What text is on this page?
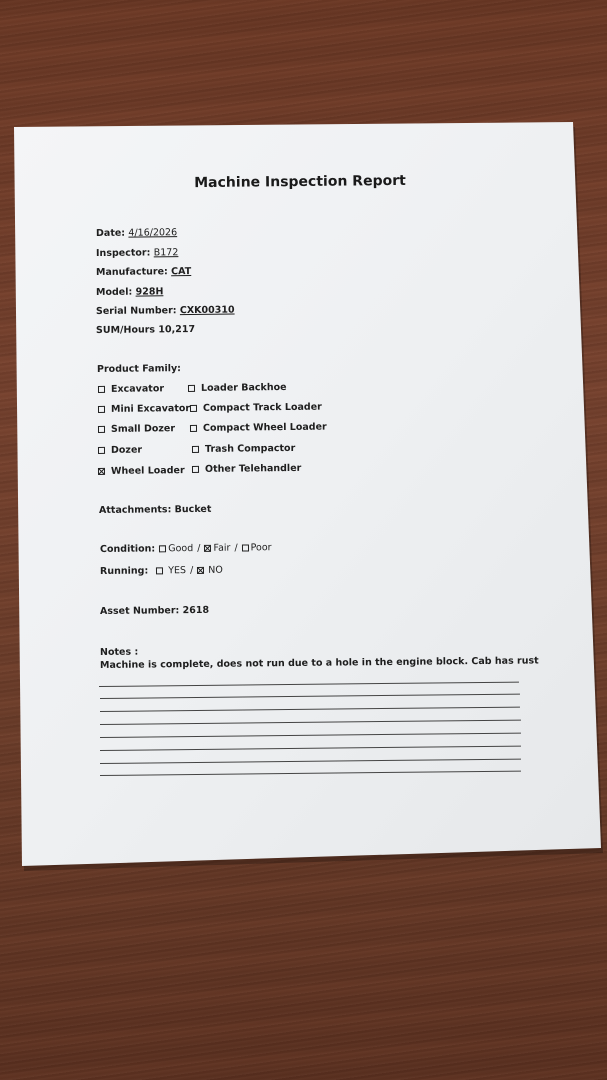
Machine Inspection Report
Date: 4/16/2026
Inspector: B172
Manufacture: CAT
Model: 928H
Serial Number: CXK00310
SUM/Hours 10,217
Product Family:
Excavator
Mini Excavator
Small Dozer
Dozer
Wheel Loader
Loader Backhoe
Compact Track Loader
Compact Wheel Loader
Trash Compactor
Other Telehandler
Attachments: Bucket
Condition: Good / Fair / Poor
Running: YES / NO
Asset Number: 2618
Notes :
Machine is complete, does not run due to a hole in the engine block. Cab has rust
